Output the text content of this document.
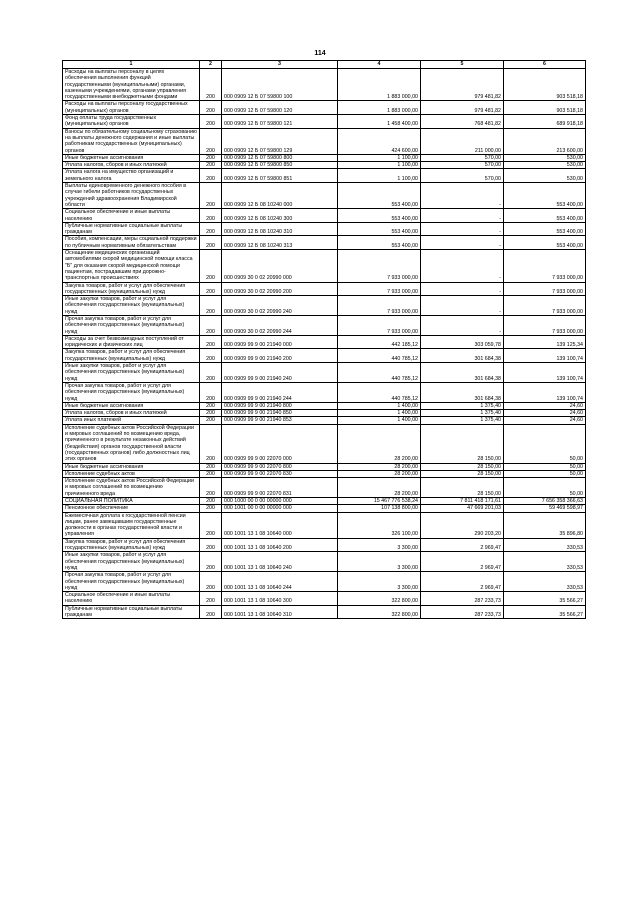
114
1	2	3	4	5	6
Расходы на выплаты персоналу в целях обеспечения выполнения функций государственными (муниципальными) органами, казенными учреждениями, органами управления государственными внебюджетными фондами	200	000 0909 12 Б 07 59800 100	1 883 000,00	979 481,82	903 518,18
Расходы на выплаты персоналу государственных (муниципальных) органов	200	000 0909 12 Б 07 59800 120	1 883 000,00	979 481,82	903 518,18
Фонд оплаты труда государственных (муниципальных) органов	200	000 0909 12 Б 07 59800 121	1 458 400,00	768 481,82	689 918,18
Взносы по обязательному социальному страхованию на выплаты денежного содержания и иные выплаты работникам государственных (муниципальных) органов	200	000 0909 12 Б 07 59800 129	424 600,00	211 000,00	213 600,00
Иные бюджетные ассигнования	200	000 0909 12 Б 07 59800 800	1 100,00	570,00	530,00
Уплата налогов, сборов и иных платежей	200	000 0909 12 Б 07 59800 850	1 100,00	570,00	530,00
Уплата налога на имущество организаций и земельного налога	200	000 0909 12 Б 07 59800 851	1 100,00	570,00	530,00
Выплаты единовременного денежного пособия в случае гибели работников государственных учреждений здравоохранения Владимирской области	200	000 0909 12 Б 08 10240 000	553 400,00	-	553 400,00
Социальное обеспечение и иные выплаты населению	200	000 0909 12 Б 08 10240 300	553 400,00	-	553 400,00
Публичные нормативные социальные выплаты гражданам	200	000 0909 12 Б 08 10240 310	553 400,00	-	553 400,00
Пособия, компенсации, меры социальной поддержки по публичным нормативным обязательствам	200	000 0909 12 Б 08 10240 313	553 400,00	-	553 400,00
Оснащение медицинских организаций автомобилями скорой медицинской помощи класса "Б" для оказания скорой медицинской помощи пациентам, пострадавшим при дорожно-транспортных происшествиях	200	000 0909 30 0 02 20990 000	7 933 000,00	-	7 933 000,00
Закупка товаров, работ и услуг для обеспечения государственных (муниципальных) нужд	200	000 0909 30 0 02 20990 200	7 933 000,00	-	7 933 000,00
Иные закупки товаров, работ и услуг для обеспечения государственных (муниципальных) нужд	200	000 0909 30 0 02 20990 240	7 933 000,00	-	7 933 000,00
Прочая закупка товаров, работ и услуг для обеспечения государственных (муниципальных) нужд	200	000 0909 30 0 02 20990 244	7 933 000,00	-	7 933 000,00
Расходы за счет безвозмездных поступлений от юридических и физических лиц	200	000 0909 99 9 00 21940 000	442 185,12	303 059,78	139 125,34
Закупка товаров, работ и услуг для обеспечения государственных (муниципальных) нужд	200	000 0909 99 9 00 21940 200	440 785,12	301 684,38	139 100,74
Иные закупки товаров, работ и услуг для обеспечения государственных (муниципальных) нужд	200	000 0909 99 9 00 21940 240	440 785,12	301 684,38	139 100,74
Прочая закупка товаров, работ и услуг для обеспечения государственных (муниципальных) нужд	200	000 0909 99 9 00 21940 244	440 785,12	301 684,38	139 100,74
Иные бюджетные ассигнования	200	000 0909 99 9 00 21940 800	1 400,00	1 375,40	24,60
Уплата налогов, сборов и иных платежей	200	000 0909 99 9 00 21940 850	1 400,00	1 375,40	24,60
Уплата иных платежей	200	000 0909 99 9 00 21940 853	1 400,00	1 375,40	24,60
Исполнение судебных актов Российской Федерации и мировых соглашений по возмещению вреда, причиненного в результате незаконных действий (бездействия) органов государственной власти (государственных органов) либо должностных лиц этих органов	200	000 0909 99 9 00 22070 000	28 200,00	28 150,00	50,00
Иные бюджетные ассигнования	200	000 0909 99 9 00 22070 800	28 200,00	28 150,00	50,00
Исполнение судебных актов	200	000 0909 99 9 00 22070 830	28 200,00	28 150,00	50,00
Исполнение судебных актов Российской Федерации и мировых соглашений по возмещению причиненного вреда	200	000 0909 99 9 00 22070 831	28 200,00	28 150,00	50,00
СОЦИАЛЬНАЯ ПОЛИТИКА	200	000 1000 00 0 00 00000 000	15 467 776 538,24	7 811 418 171,61	7 656 358 366,63
Пенсионное обеспечение	200	000 1001 00 0 00 00000 000	107 138 800,00	47 669 201,03	59 469 598,97
Ежемесячная доплата к государственной пенсии лицам, ранее замещавшим государственные должности в органах государственной власти и управления	200	000 1001 13 1 08 10640 000	326 100,00	290 203,20	35 896,80
Закупка товаров, работ и услуг для обеспечения государственных (муниципальных) нужд	200	000 1001 13 1 08 10640 200	3 300,00	2 969,47	330,53
Иные закупки товаров, работ и услуг для обеспечения государственных (муниципальных) нужд	200	000 1001 13 1 08 10640 240	3 300,00	2 969,47	330,53
Прочая закупка товаров, работ и услуг для обеспечения государственных (муниципальных) нужд	200	000 1001 13 1 08 10640 244	3 300,00	2 969,47	330,53
Социальное обеспечение и иные выплаты населению	200	000 1001 13 1 08 10640 300	322 800,00	287 233,73	35 566,27
Публичные нормативные социальные выплаты гражданам	200	000 1001 13 1 08 10640 310	322 800,00	287 233,73	35 566,27
